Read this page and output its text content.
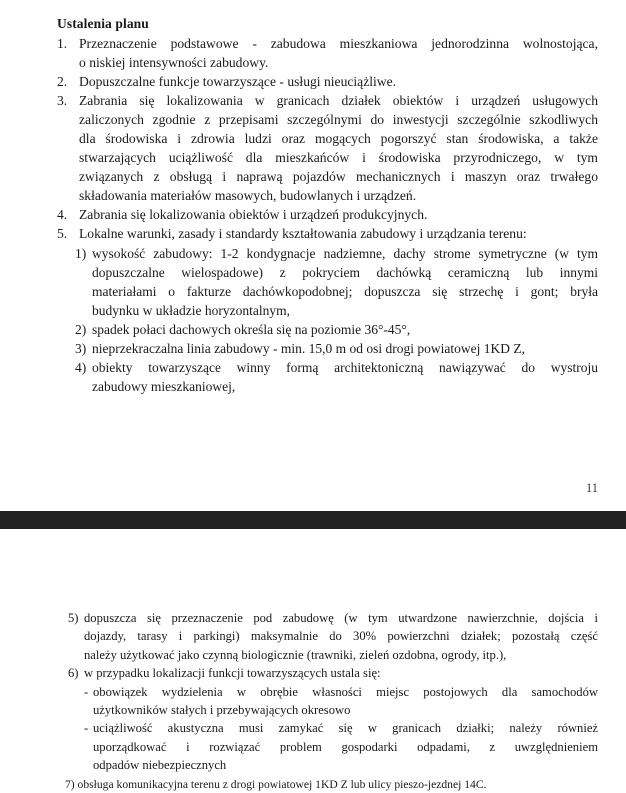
Ustalenia planu
1. Przeznaczenie podstawowe - zabudowa mieszkaniowa jednorodzinna wolnostojąca,
o niskiej intensywności zabudowy.
2. Dopuszczalne funkcje towarzyszące - usługi nieuciążliwe.
3. Zabrania się lokalizowania w granicach działek obiektów i urządzeń usługowych
zaliczonych zgodnie z przepisami szczególnymi do inwestycji szczególnie szkodliwych
dla środowiska i zdrowia ludzi oraz mogących pogorszyć stan środowiska, a także
stwarzających uciążliwość dla mieszkańców i środowiska przyrodniczego, w tym
związanych z obsługą i naprawą pojazdów mechanicznych i maszyn oraz trwałego
składowania materiałów masowych, budowlanych i urządzeń.
4. Zabrania się lokalizowania obiektów i urządzeń produkcyjnych.
5. Lokalne warunki, zasady i standardy kształtowania zabudowy i urządzania terenu:
1) wysokość zabudowy: 1-2 kondygnacje nadziemne, dachy strome symetryczne (w tym
dopuszczalne wielospadowe) z pokryciem dachówką ceramiczną lub innymi
materiałami o fakturze dachówkopodobnej; dopuszcza się strzechę i gont; bryła
budynku w układzie horyzontalnym,
2) spadek połaci dachowych określa się na poziomie 36°-45°,
3) nieprzekraczalna linia zabudowy - min. 15,0 m od osi drogi powiatowej 1KD Z,
4) obiekty towarzyszące winny formą architektoniczną nawiązywać do wystroju
zabudowy mieszkaniowej,
11
5) dopuszcza się przeznaczenie pod zabudowę (w tym utwardzone nawierzchnie, dojścia i
dojazdy, tarasy i parkingi) maksymalnie do 30% powierzchni działek; pozostałą część
należy użytkować jako czynną biologicznie (trawniki, zieleń ozdobna, ogrody, itp.),
6) w przypadku lokalizacji funkcji towarzyszących ustala się:
- obowiązek wydzielenia w obrębie własności miejsc postojowych dla samochodów
użytkowników stałych i przebywających okresowo
- uciążliwość akustyczna musi zamykać się w granicach działki; należy również
uporządkować i rozwiązać problem gospodarki odpadami, z uwzględnieniem
odpadów niebezpiecznych
7) obsługa komunikacyjna terenu z drogi powiatowej 1KD Z lub ulicy pieszo-jezdnej 14C.
